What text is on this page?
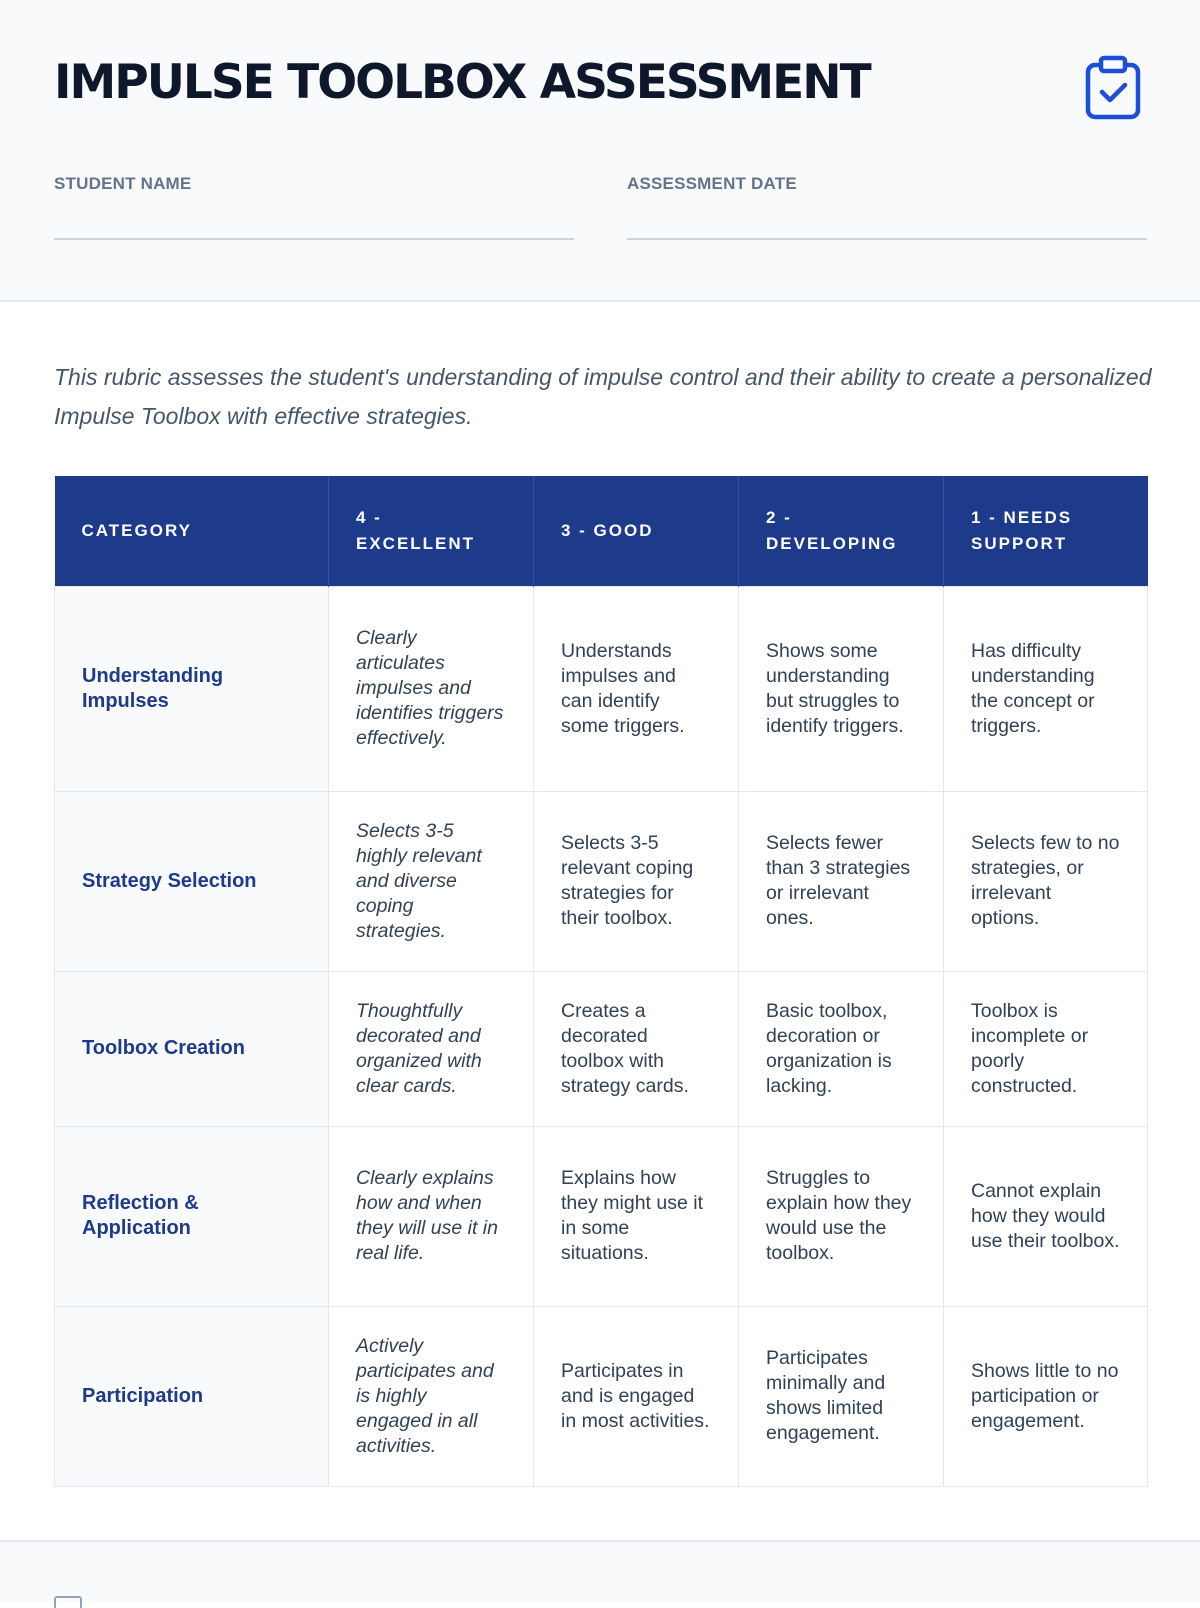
IMPULSE TOOLBOX ASSESSMENT
STUDENT NAME	ASSESSMENT DATE

This rubric assesses the student's understanding of impulse control and their ability to create a personalized Impulse Toolbox with effective strategies.

CATEGORY	4 - EXCELLENT	3 - GOOD	2 - DEVELOPING	1 - NEEDS SUPPORT
Understanding Impulses	Clearly articulates impulses and identifies triggers effectively.	Understands impulses and can identify some triggers.	Shows some understanding but struggles to identify triggers.	Has difficulty understanding the concept or triggers.
Strategy Selection	Selects 3-5 highly relevant and diverse coping strategies.	Selects 3-5 relevant coping strategies for their toolbox.	Selects fewer than 3 strategies or irrelevant ones.	Selects few to no strategies, or irrelevant options.
Toolbox Creation	Thoughtfully decorated and organized with clear cards.	Creates a decorated toolbox with strategy cards.	Basic toolbox, decoration or organization is lacking.	Toolbox is incomplete or poorly constructed.
Reflection & Application	Clearly explains how and when they will use it in real life.	Explains how they might use it in some situations.	Struggles to explain how they would use the toolbox.	Cannot explain how they would use their toolbox.
Participation	Actively participates and is highly engaged in all activities.	Participates in and is engaged in most activities.	Participates minimally and shows limited engagement.	Shows little to no participation or engagement.
